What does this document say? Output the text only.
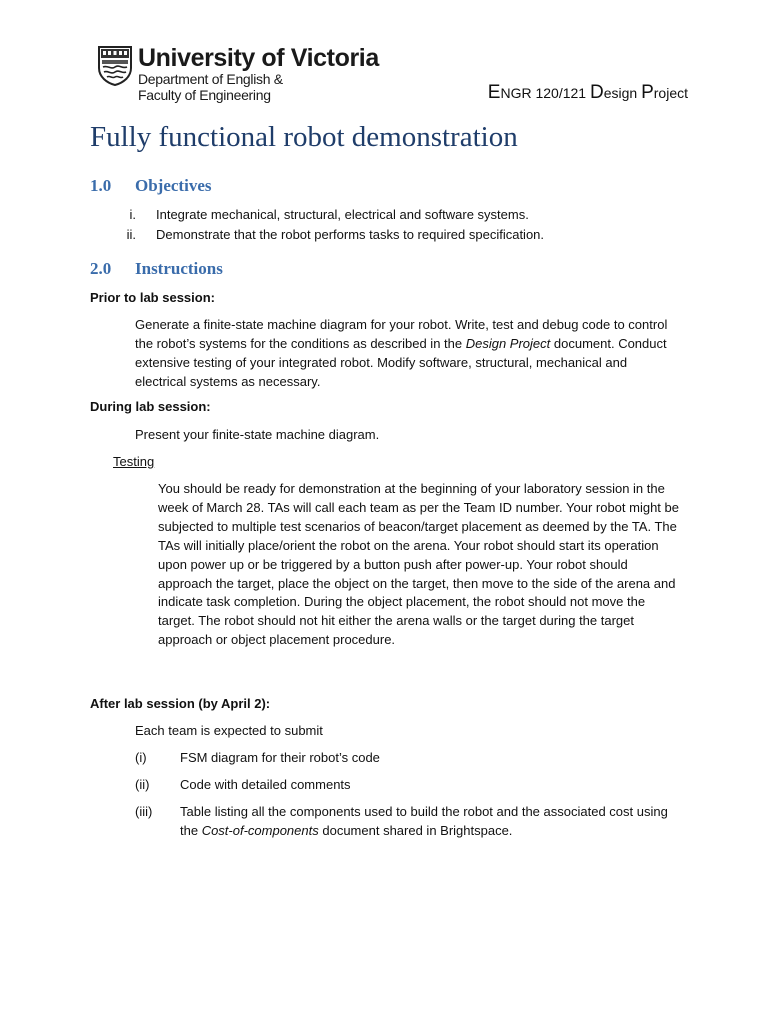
University of Victoria
Department of English &
Faculty of Engineering	ENGR 120/121 Design Project
Fully functional robot demonstration
1.0 Objectives
i. Integrate mechanical, structural, electrical and software systems.
ii. Demonstrate that the robot performs tasks to required specification.
2.0 Instructions
Prior to lab session:

Generate a finite-state machine diagram for your robot. Write, test and debug code to control the robot’s systems for the conditions as described in the Design Project document. Conduct extensive testing of your integrated robot. Modify software, structural, mechanical and electrical systems as necessary.

During lab session:

Present your finite-state machine diagram.

Testing

You should be ready for demonstration at the beginning of your laboratory session in the week of March 28. TAs will call each team as per the Team ID number. Your robot might be subjected to multiple test scenarios of beacon/target placement as deemed by the TA. The TAs will initially place/orient the robot on the arena. Your robot should start its operation upon power up or be triggered by a button push after power-up. Your robot should approach the target, place the object on the target, then move to the side of the arena and indicate task completion. During the object placement, the robot should not move the target. The robot should not hit either the arena walls or the target during the target approach or object placement procedure.

After lab session (by April 2):

Each team is expected to submit

(i)	FSM diagram for their robot’s code
(ii) Code with detailed comments
(iii) Table listing all the components used to build the robot and the associated cost using the Cost-of-components document shared in Brightspace.
